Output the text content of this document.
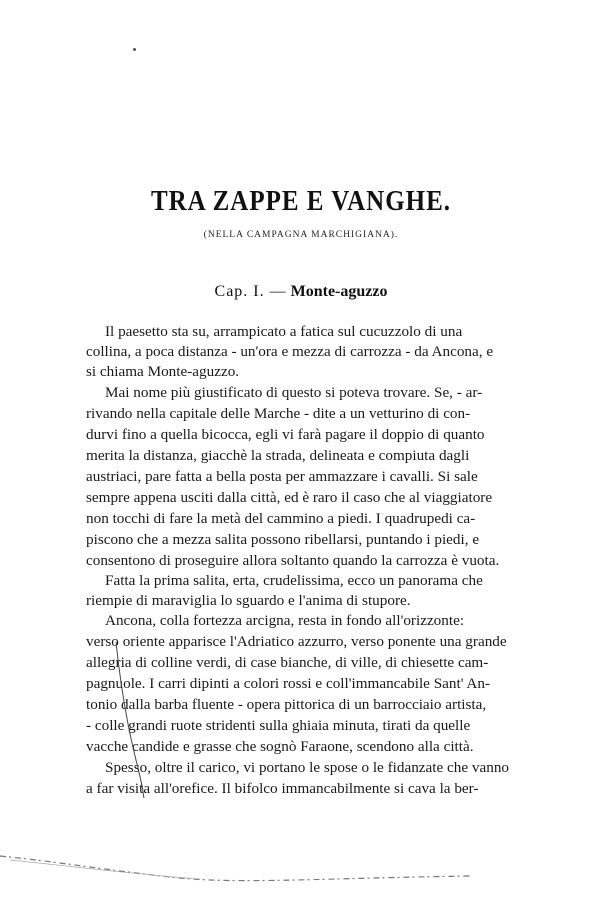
TRA ZAPPE E VANGHE.
(NELLA CAMPAGNA MARCHIGIANA).
Cap. I. — Monte-aguzzo
Il paesetto sta su, arrampicato a fatica sul cucuzzolo di una
collina, a poca distanza - un'ora e mezza di carrozza - da Ancona, e
si chiama Monte-aguzzo.
Mai nome più giustificato di questo si poteva trovare. Se, - ar-
rivando nella capitale delle Marche - dite a un vetturino di con-
durvi fino a quella bicocca, egli vi farà pagare il doppio di quanto
merita la distanza, giacchè la strada, delineata e compiuta dagli
austriaci, pare fatta a bella posta per ammazzare i cavalli. Si sale
sempre appena usciti dalla città, ed è raro il caso che al viaggiatore
non tocchi di fare la metà del cammino a piedi. I quadrupedi ca-
piscono che a mezza salita possono ribellarsi, puntando i piedi, e
consentono di proseguire allora soltanto quando la carrozza è vuota.
Fatta la prima salita, erta, crudelissima, ecco un panorama che
riempie di maraviglia lo sguardo e l'anima di stupore.
Ancona, colla fortezza arcigna, resta in fondo all'orizzonte:
verso oriente apparisce l'Adriatico azzurro, verso ponente una grande
allegria di colline verdi, di case bianche, di ville, di chiesette cam-
pagnuole. I carri dipinti a colori rossi e coll'immancabile Sant' An-
tonio dalla barba fluente - opera pittorica di un barrocciaio artista,
- colle grandi ruote stridenti sulla ghiaia minuta, tirati da quelle
vacche candide e grasse che sognò Faraone, scendono alla città.
Spesso, oltre il carico, vi portano le spose o le fidanzate che vanno
a far visita all'orefice. Il bifolco immancabilmente si cava la ber-
